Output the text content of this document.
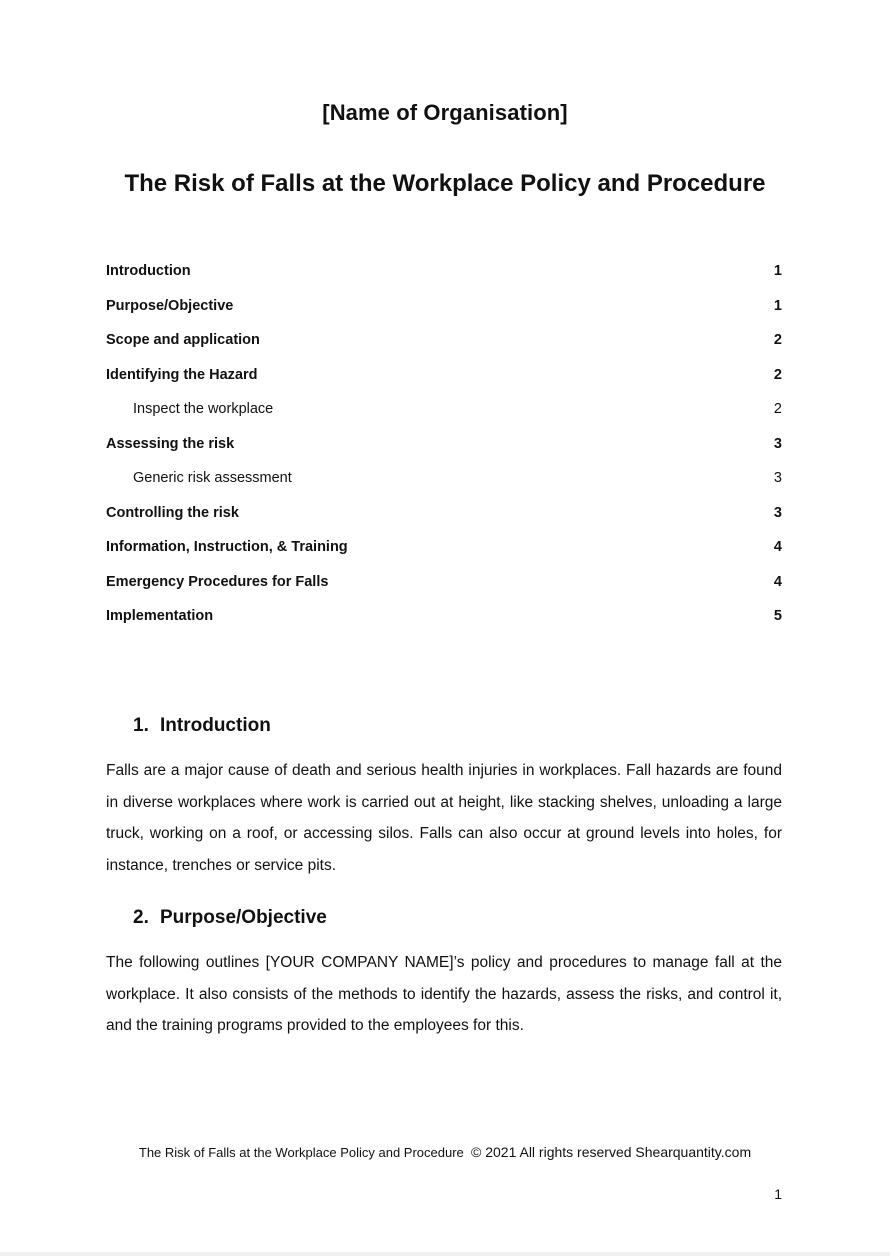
[Name of Organisation]
The Risk of Falls at the Workplace Policy and Procedure
Introduction	1
Purpose/Objective	1
Scope and application	2
Identifying the Hazard	2
Inspect the workplace	2
Assessing the risk	3
Generic risk assessment	3
Controlling the risk	3
Information, Instruction, & Training	4
Emergency Procedures for Falls	4
Implementation	5
1. Introduction
Falls are a major cause of death and serious health injuries in workplaces. Fall hazards are found in diverse workplaces where work is carried out at height, like stacking shelves, unloading a large truck, working on a roof, or accessing silos. Falls can also occur at ground levels into holes, for instance, trenches or service pits.
2. Purpose/Objective
The following outlines [YOUR COMPANY NAME]’s policy and procedures to manage fall at the workplace. It also consists of the methods to identify the hazards, assess the risks, and control it, and the training programs provided to the employees for this.
The Risk of Falls at the Workplace Policy and Procedure © 2021 All rights reserved Shearquantity.com
1
